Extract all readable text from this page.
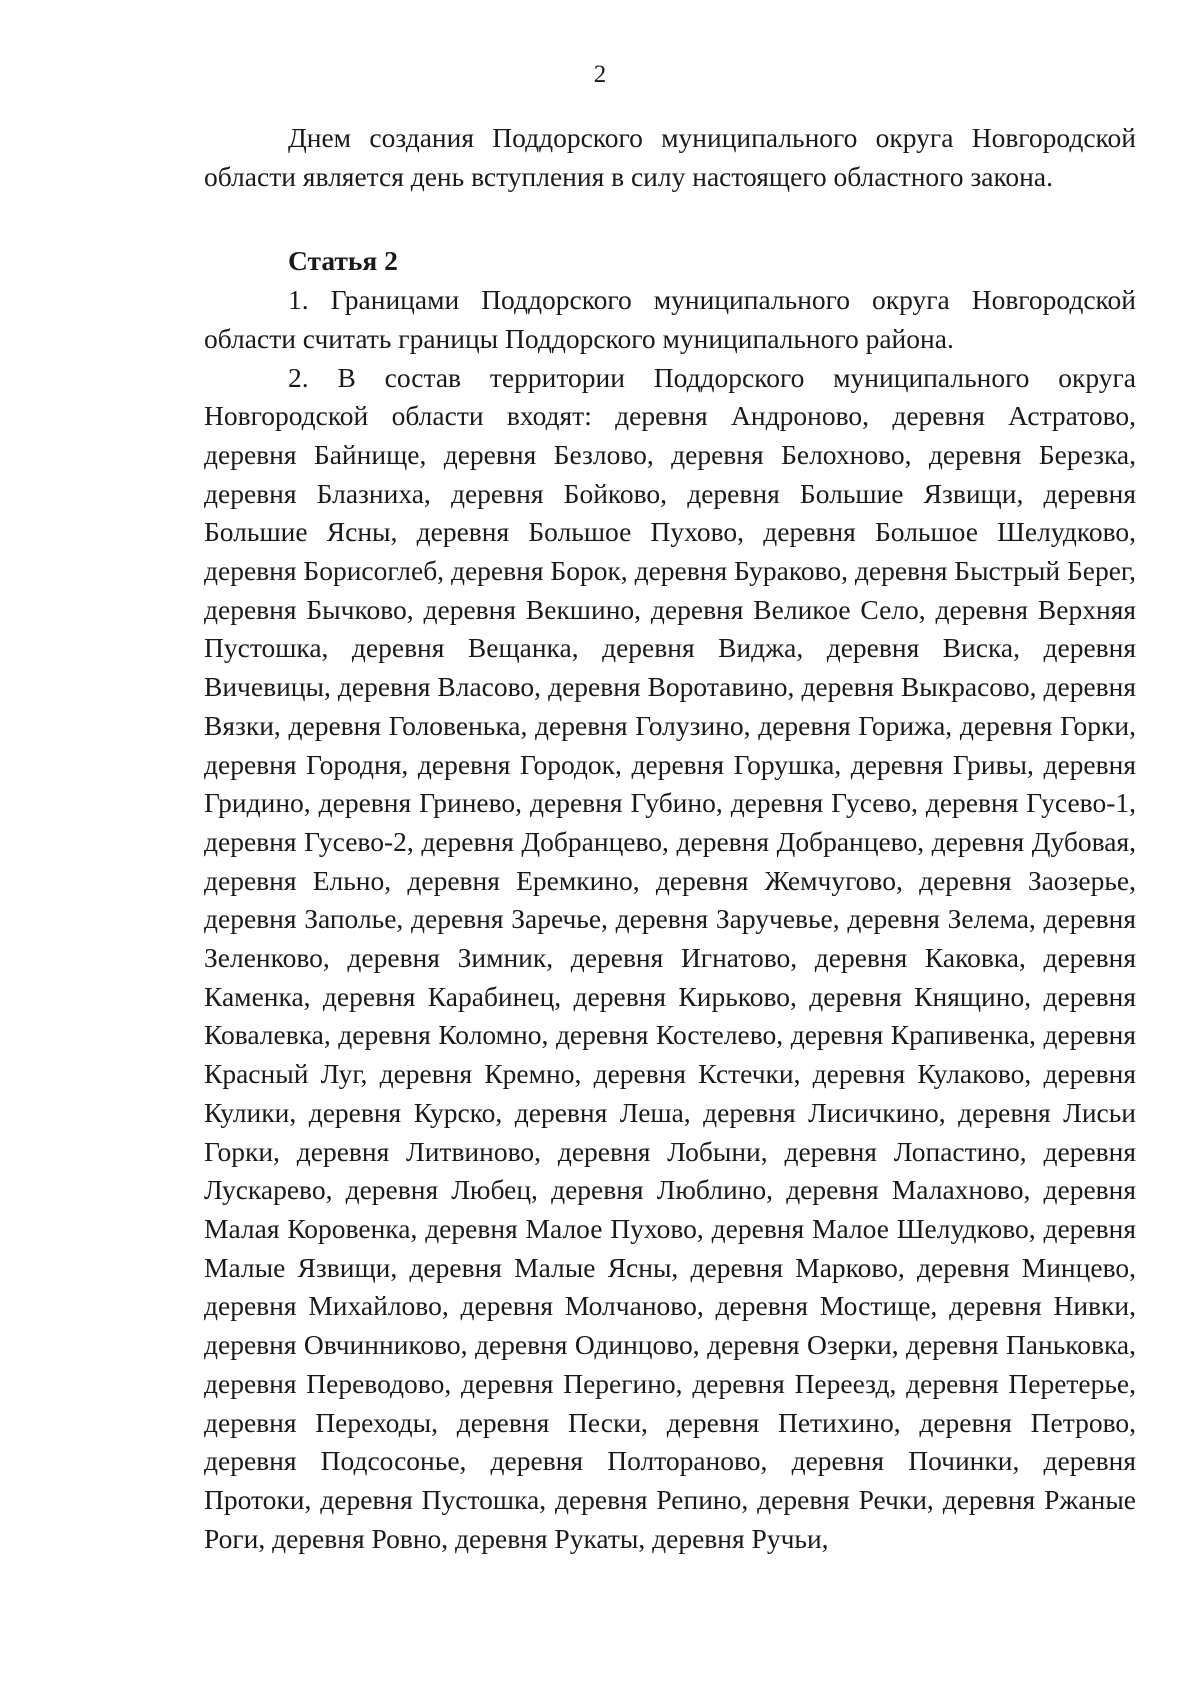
2

Днем создания Поддорского муниципального округа Новгородской области является день вступления в силу настоящего областного закона.

Статья 2

1. Границами Поддорского муниципального округа Новгородской области считать границы Поддорского муниципального района.

2. В состав территории Поддорского муниципального округа Новгородской области входят: деревня Андроново, деревня Астратово, деревня Байнище, деревня Безлово, деревня Белохново, деревня Березка, деревня Блазниха, деревня Бойково, деревня Большие Язвищи, деревня Большие Ясны, деревня Большое Пухово, деревня Большое Шелудково, деревня Борисоглеб, деревня Борок, деревня Бураково, деревня Быстрый Берег, деревня Бычково, деревня Векшино, деревня Великое Село, деревня Верхняя Пустошка, деревня Вещанка, деревня Виджа, деревня Виска, деревня Вичевицы, деревня Власово, деревня Воротавино, деревня Выкрасово, деревня Вязки, деревня Головенька, деревня Голузино, деревня Горижа, деревня Горки, деревня Городня, деревня Городок, деревня Горушка, деревня Гривы, деревня Гридино, деревня Гринево, деревня Губино, деревня Гусево, деревня Гусево-1, деревня Гусево-2, деревня Добранцево, деревня Добранцево, деревня Дубовая, деревня Ельно, деревня Еремкино, деревня Жемчугово, деревня Заозерье, деревня Заполье, деревня Заречье, деревня Заручевье, деревня Зелема, деревня Зеленково, деревня Зимник, деревня Игнатово, деревня Каковка, деревня Каменка, деревня Карабинец, деревня Кирьково, деревня Княщино, деревня Ковалевка, деревня Коломно, деревня Костелево, деревня Крапивенка, деревня Красный Луг, деревня Кремно, деревня Кстечки, деревня Кулаково, деревня Кулики, деревня Курско, деревня Леша, деревня Лисичкино, деревня Лисьи Горки, деревня Литвиново, деревня Лобыни, деревня Лопастино, деревня Лускарево, деревня Любец, деревня Люблино, деревня Малахново, деревня Малая Коровенка, деревня Малое Пухово, деревня Малое Шелудково, деревня Малые Язвищи, деревня Малые Ясны, деревня Марково, деревня Минцево, деревня Михайлово, деревня Молчаново, деревня Мостище, деревня Нивки, деревня Овчинниково, деревня Одинцово, деревня Озерки, деревня Паньковка, деревня Переводово, деревня Перегино, деревня Переезд, деревня Перетерье, деревня Переходы, деревня Пески, деревня Петихино, деревня Петрово, деревня Подсосонье, деревня Полтораново, деревня Починки, деревня Протоки, деревня Пустошка, деревня Репино, деревня Речки, деревня Ржаные Роги, деревня Ровно, деревня Рукаты, деревня Ручьи,
